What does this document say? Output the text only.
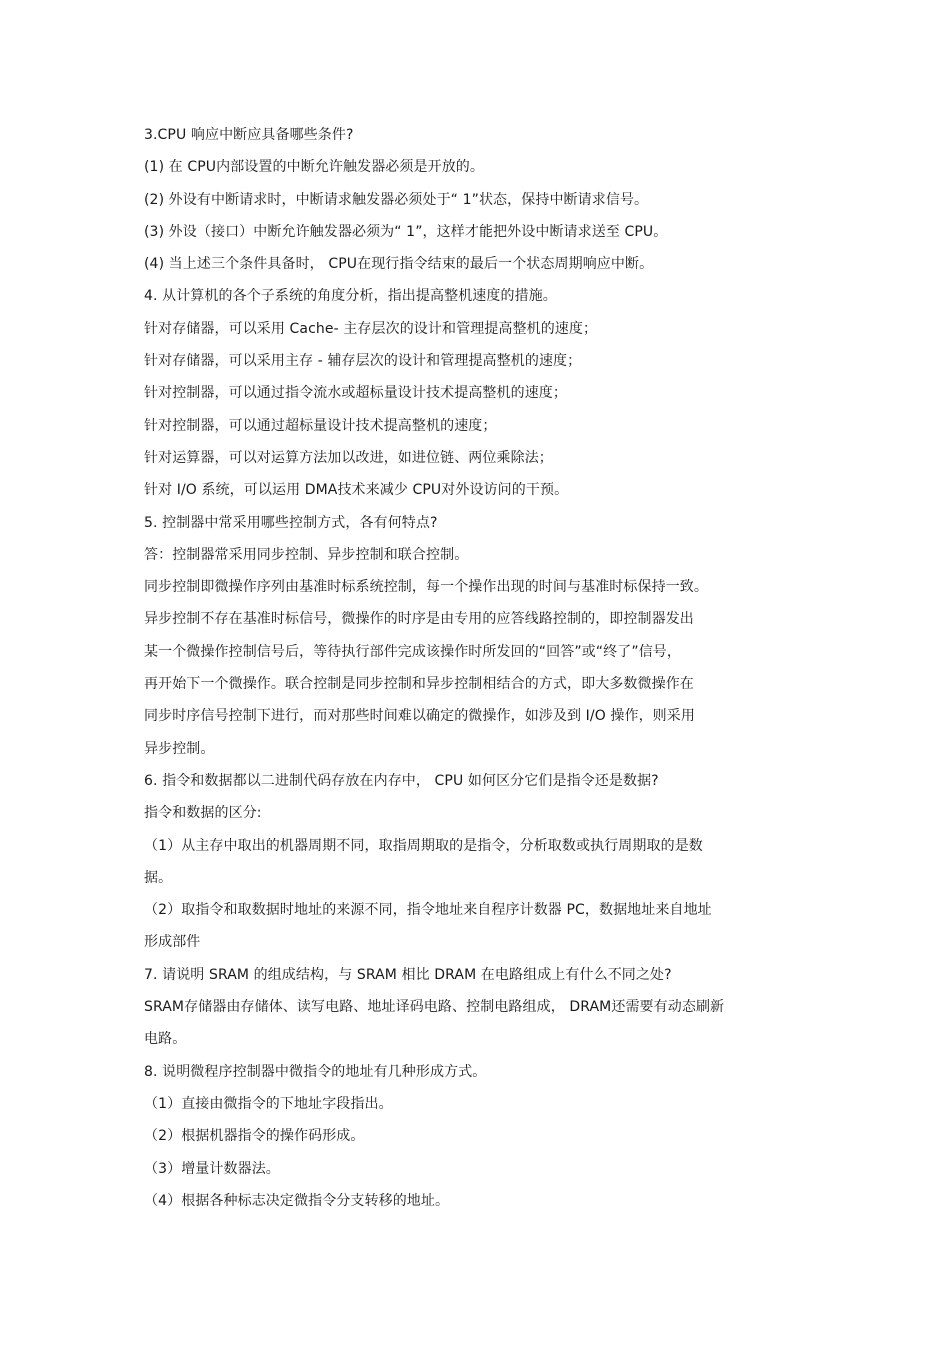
3.CPU 响应中断应具备哪些条件?
(1) 在 CPU内部设置的中断允许触发器必须是开放的。
(2) 外设有中断请求时，中断请求触发器必须处于“ 1”状态，保持中断请求信号。
(3) 外设（接口）中断允许触发器必须为“ 1”，这样才能把外设中断请求送至 CPU。
(4) 当上述三个条件具备时， CPU在现行指令结束的最后一个状态周期响应中断。
4. 从计算机的各个子系统的角度分析，指出提高整机速度的措施。
针对存储器，可以采用 Cache- 主存层次的设计和管理提高整机的速度；
针对存储器，可以采用主存 - 辅存层次的设计和管理提高整机的速度；
针对控制器，可以通过指令流水或超标量设计技术提高整机的速度；
针对控制器，可以通过超标量设计技术提高整机的速度；
针对运算器，可以对运算方法加以改进，如进位链、两位乘除法；
针对 I/O 系统，可以运用 DMA技术来减少 CPU对外设访问的干预。
5. 控制器中常采用哪些控制方式，各有何特点?
答：控制器常采用同步控制、异步控制和联合控制。
同步控制即微操作序列由基准时标系统控制，每一个操作出现的时间与基准时标保持一致。
异步控制不存在基准时标信号，微操作的时序是由专用的应答线路控制的，即控制器发出
某一个微操作控制信号后，等待执行部件完成该操作时所发回的“回答”或“终了”信号，
再开始下一个微操作。联合控制是同步控制和异步控制相结合的方式，即大多数微操作在
同步时序信号控制下进行，而对那些时间难以确定的微操作，如涉及到 I/O 操作，则采用
异步控制。
6. 指令和数据都以二进制代码存放在内存中， CPU 如何区分它们是指令还是数据?
指令和数据的区分:
（1）从主存中取出的机器周期不同，取指周期取的是指令，分析取数或执行周期取的是数
据。
（2）取指令和取数据时地址的来源不同，指令地址来自程序计数器 PC，数据地址来自地址
形成部件
7. 请说明 SRAM 的组成结构，与 SRAM 相比 DRAM 在电路组成上有什么不同之处?
SRAM存储器由存储体、读写电路、地址译码电路、控制电路组成， DRAM还需要有动态刷新
电路。
8. 说明微程序控制器中微指令的地址有几种形成方式。
（1）直接由微指令的下地址字段指出。
（2）根据机器指令的操作码形成。
（3）增量计数器法。
（4）根据各种标志决定微指令分支转移的地址。
